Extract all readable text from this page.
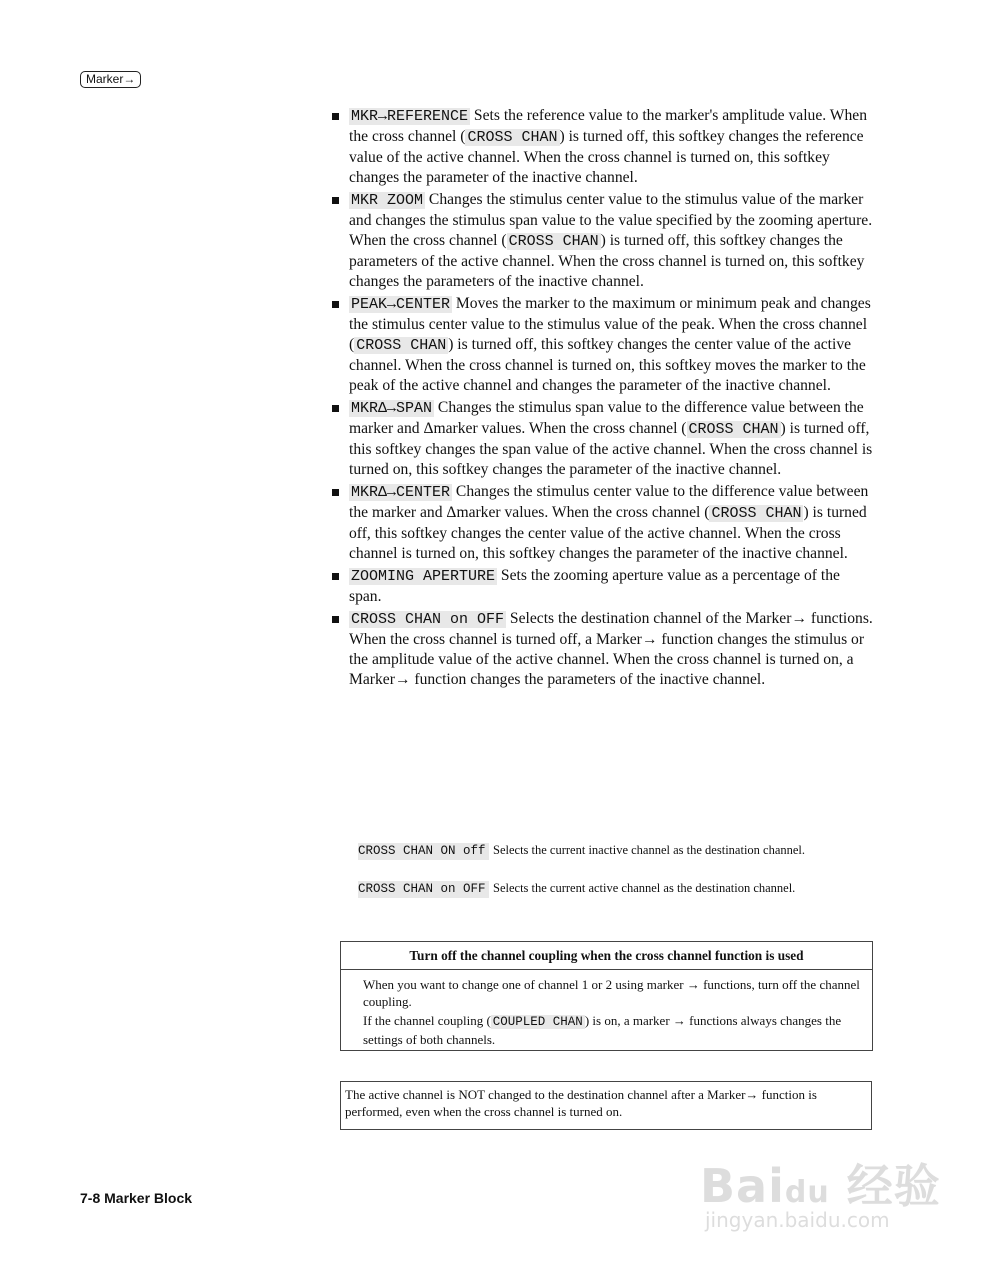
Marker→
MKR→REFERENCE Sets the reference value to the marker's amplitude value. When the cross channel ( CROSS CHAN ) is turned off, this softkey changes the reference value of the active channel. When the cross channel is turned on, this softkey changes the parameter of the inactive channel.
MKR ZOOM Changes the stimulus center value to the stimulus value of the marker and changes the stimulus span value to the value specified by the zooming aperture. When the cross channel ( CROSS CHAN ) is turned off, this softkey changes the parameters of the active channel. When the cross channel is turned on, this softkey changes the parameters of the inactive channel.
PEAK→CENTER Moves the marker to the maximum or minimum peak and changes the stimulus center value to the stimulus value of the peak. When the cross channel ( CROSS CHAN ) is turned off, this softkey changes the center value of the active channel. When the cross channel is turned on, this softkey moves the marker to the peak of the active channel and changes the parameter of the inactive channel.
MKRΔ→SPAN Changes the stimulus span value to the difference value between the marker and Δmarker values. When the cross channel ( CROSS CHAN ) is turned off, this softkey changes the span value of the active channel. When the cross channel is turned on, this softkey changes the parameter of the inactive channel.
MKRΔ→CENTER Changes the stimulus center value to the difference value between the marker and Δmarker values. When the cross channel ( CROSS CHAN ) is turned off, this softkey changes the center value of the active channel. When the cross channel is turned on, this softkey changes the parameter of the inactive channel.
ZOOMING APERTURE Sets the zooming aperture value as a percentage of the span.
CROSS CHAN on OFF Selects the destination channel of the Marker→ functions. When the cross channel is turned off, a Marker→ function changes the stimulus or the amplitude value of the active channel. When the cross channel is turned on, a Marker→ function changes the parameters of the inactive channel.
CROSS CHAN ON off Selects the current inactive channel as the destination channel.
CROSS CHAN on OFF Selects the current active channel as the destination channel.
Turn off the channel coupling when the cross channel function is used
When you want to change one of channel 1 or 2 using marker → functions, turn off the channel coupling.
If the channel coupling ( COUPLED CHAN ) is on, a marker → functions always changes the settings of both channels.
The active channel is NOT changed to the destination channel after a Marker→ function is performed, even when the cross channel is turned on.
7-8 Marker Block	Baidu 经验
jingyan.baidu.com
